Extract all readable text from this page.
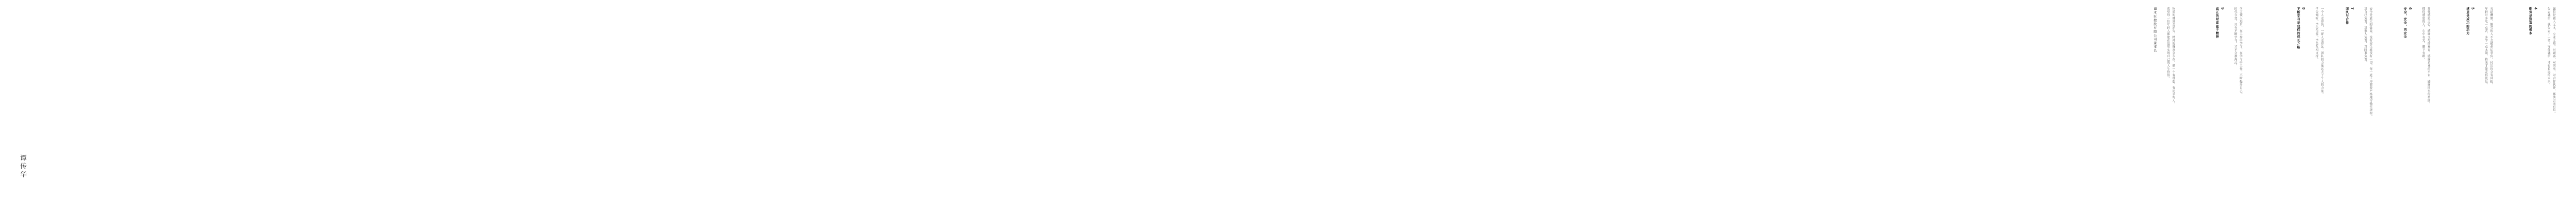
诚信是做人之本，立业之基。对顾客、对同事、对合作伙伴，都要言而有信。
失去诚信，就失去了一切；守住诚信，才有长远的未来。
4
勤劳是致富的根本
天道酬勤。勤劳的人不会被命运辜负，付出终会有回报。
年轻时多吃一点苦，多学一点本领，将来才能走得更远。
5
感恩是成功的动力
常怀感恩之心：感谢父母的养育，感谢企业的平台，感谢同事的帮助。
懂得感恩的人，心中有光，脚下有路。
6
安全，安全，再安全
安全是最大的效益，没有安全就没有一切。每一道工序都要严格遵守操作规程。
对自己负责，对家人负责，对同事负责。
7
团队与合作
一个人走得快，一群人走得远。团队的力量远大于个人的力量。
学会倾听，学会包容，学会互相支持。
8
不断学习是我们的成长之路
学习使人进步。在工作中学习，在学习中工作，不断提升自己。
时代在变，只有不断学习，才不会被淘汰。
9
真正的财富在于精神
物质的财富会消失，精神的财富会永存。做一个有理想、有追求的人。
希望每一位年轻人都能在这里实现自己的人生价值。
谭木匠控股有限公司董事长
谭传华
